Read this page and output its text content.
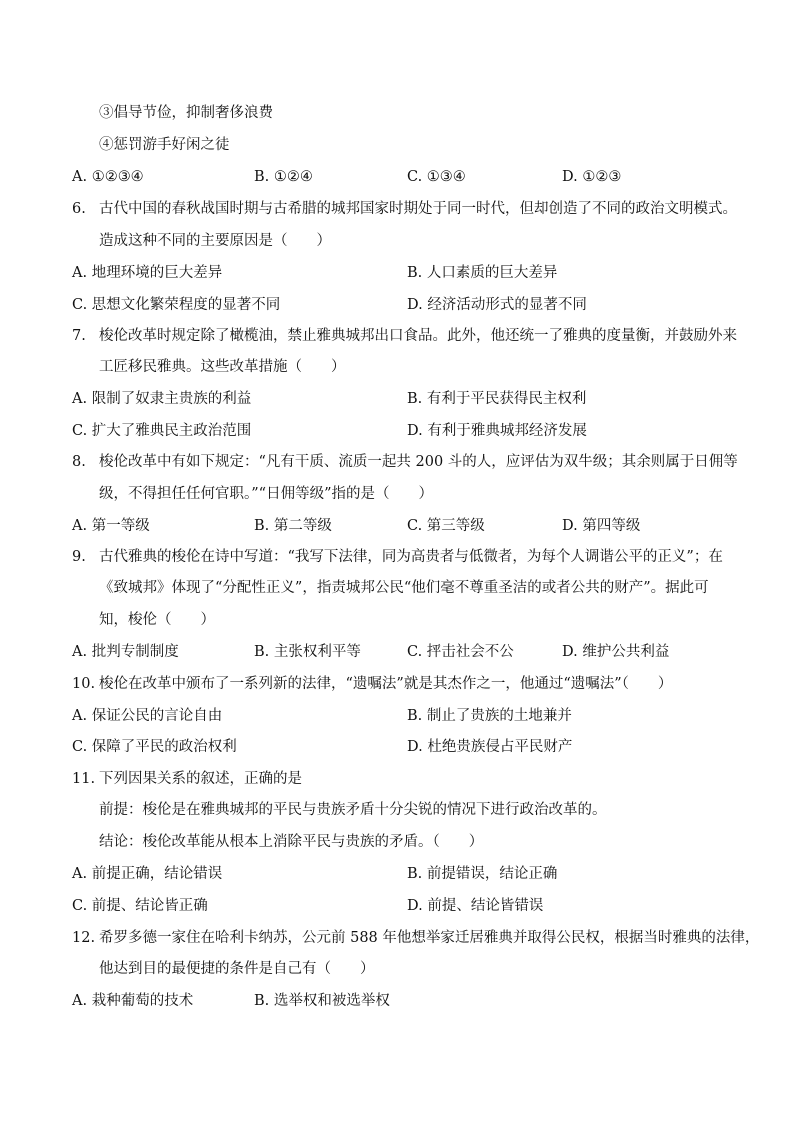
③倡导节俭，抑制奢侈浪费
④惩罚游手好闲之徒
A. ①②③④	B. ①②④	C. ①③④	D. ①②③
6. 古代中国的春秋战国时期与古希腊的城邦国家时期处于同一时代，但却创造了不同的政治文明模式。
造成这种不同的主要原因是（　　）
A. 地理环境的巨大差异	B. 人口素质的巨大差异
C. 思想文化繁荣程度的显著不同	D. 经济活动形式的显著不同
7. 梭伦改革时规定除了橄榄油，禁止雅典城邦出口食品。此外，他还统一了雅典的度量衡，并鼓励外来
工匠移民雅典。这些改革措施（　　）
A. 限制了奴隶主贵族的利益	B. 有利于平民获得民主权利
C. 扩大了雅典民主政治范围	D. 有利于雅典城邦经济发展
8. 梭伦改革中有如下规定：“凡有干质、流质一起共 200 斗的人，应评估为双牛级；其余则属于日佣等
级，不得担任任何官职。”“日佣等级”指的是（　　）
A. 第一等级	B. 第二等级	C. 第三等级	D. 第四等级
9. 古代雅典的梭伦在诗中写道：“我写下法律，同为高贵者与低微者，为每个人调谐公平的正义”；在
《致城邦》体现了“分配性正义”，指责城邦公民“他们毫不尊重圣洁的或者公共的财产”。据此可
知，梭伦（　　）
A. 批判专制制度	B. 主张权利平等	C. 抨击社会不公	D. 维护公共利益
10. 梭伦在改革中颁布了一系列新的法律，“遗嘱法”就是其杰作之一，他通过“遗嘱法”（　　）
A. 保证公民的言论自由	B. 制止了贵族的土地兼并
C. 保障了平民的政治权利	D. 杜绝贵族侵占平民财产
11. 下列因果关系的叙述，正确的是
前提：梭伦是在雅典城邦的平民与贵族矛盾十分尖锐的情况下进行政治改革的。
结论：梭伦改革能从根本上消除平民与贵族的矛盾。（　　）
A. 前提正确，结论错误	B. 前提错误，结论正确
C. 前提、结论皆正确	D. 前提、结论皆错误
12. 希罗多德一家住在哈利卡纳苏，公元前 588 年他想举家迁居雅典并取得公民权，根据当时雅典的法律，
他达到目的最便捷的条件是自己有（　　）
A. 栽种葡萄的技术	B. 选举权和被选举权
